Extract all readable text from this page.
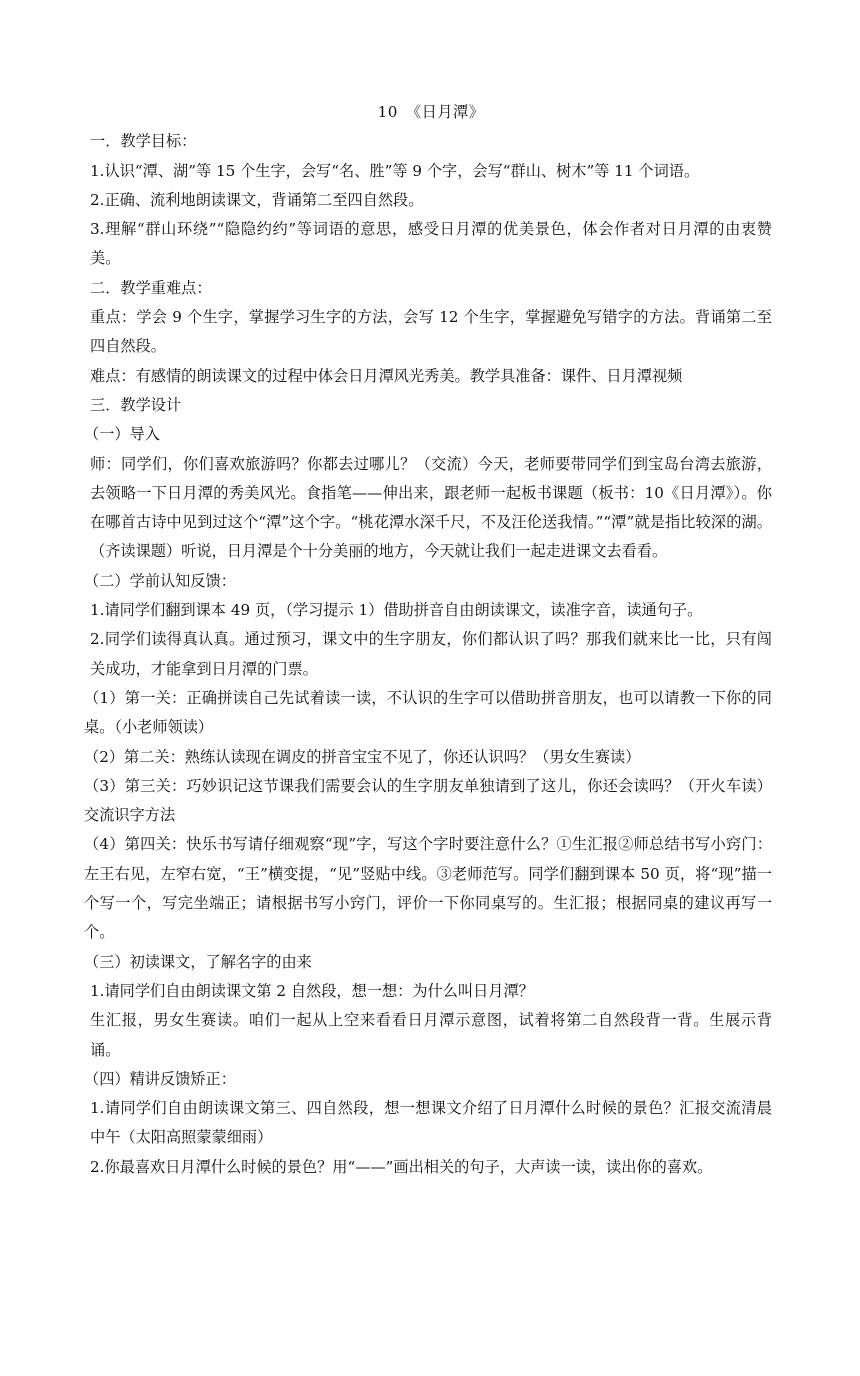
10　《日月潭》

一．教学目标：

1.认识“潭、湖”等 15 个生字，会写“名、胜”等 9 个字，会写“群山、树木”等 11 个词语。

2.正确、流利地朗读课文，背诵第二至四自然段。

3.理解“群山环绕”“隐隐约约”等词语的意思，感受日月潭的优美景色，体会作者对日月潭的由衷赞美。

二．教学重难点：

重点：学会 9 个生字，掌握学习生字的方法，会写 12 个生字，掌握避免写错字的方法。背诵第二至四自然段。

难点：有感情的朗读课文的过程中体会日月潭风光秀美。教学具准备：课件、日月潭视频

三．教学设计

（一）导入

师：同学们，你们喜欢旅游吗？你都去过哪儿？（交流）今天，老师要带同学们到宝岛台湾去旅游，去领略一下日月潭的秀美风光。食指笔——伸出来，跟老师一起板书课题（板书：10《日月潭》）。你在哪首古诗中见到过这个“潭”这个字。“桃花潭水深千尺，不及汪伦送我情。”“潭”就是指比较深的湖。（齐读课题）听说，日月潭是个十分美丽的地方，今天就让我们一起走进课文去看看。

（二）学前认知反馈：

1.请同学们翻到课本 49 页，（学习提示 1）借助拼音自由朗读课文，读准字音，读通句子。

2.同学们读得真认真。通过预习，课文中的生字朋友，你们都认识了吗？那我们就来比一比，只有闯关成功，才能拿到日月潭的门票。

（1）第一关：正确拼读自己先试着读一读，不认识的生字可以借助拼音朋友，也可以请教一下你的同桌。（小老师领读）

（2）第二关：熟练认读现在调皮的拼音宝宝不见了，你还认识吗？（男女生赛读）

（3）第三关：巧妙识记这节课我们需要会认的生字朋友单独请到了这儿，你还会读吗？（开火车读）交流识字方法

（4）第四关：快乐书写请仔细观察“现”字，写这个字时要注意什么？①生汇报②师总结书写小窍门：左王右见，左窄右宽，“王”横变提，“见”竖贴中线。③老师范写。同学们翻到课本 50 页，将“现”描一个写一个，写完坐端正；请根据书写小窍门，评价一下你同桌写的。生汇报；根据同桌的建议再写一个。

（三）初读课文，了解名字的由来

1.请同学们自由朗读课文第 2 自然段，想一想：为什么叫日月潭？

生汇报，男女生赛读。咱们一起从上空来看看日月潭示意图，试着将第二自然段背一背。生展示背诵。

（四）精讲反馈矫正：

1.请同学们自由朗读课文第三、四自然段，想一想课文介绍了日月潭什么时候的景色？汇报交流清晨中午（太阳高照蒙蒙细雨）

2.你最喜欢日月潭什么时候的景色？用“——”画出相关的句子，大声读一读，读出你的喜欢。
